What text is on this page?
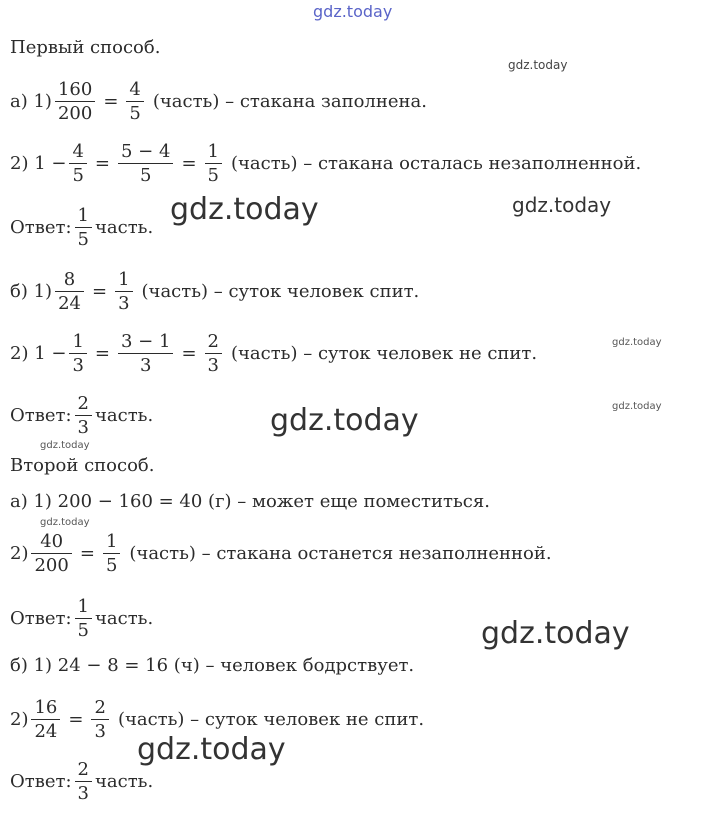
gdz.today
gdz.today
gdz.today	gdz.today
gdz.today
gdz.today
gdz.today
gdz.today
gdz.today
gdz.today
gdz.today
Первый способ.
а) $1) \frac{160}{200} = \frac{4}{5}$ (часть) – стакана заполнена.
2) $1 - \frac{4}{5} = \frac{5 - 4}{5} = \frac{1}{5}$ (часть) – стакана осталась незаполненной.
Ответ: $\frac{1}{5}$ часть.
б) $1) \frac{8}{24} = \frac{1}{3}$ (часть) – суток человек спит.
2) $1 - \frac{1}{3} = \frac{3 - 1}{3} = \frac{2}{3}$ (часть) – суток человек не спит.
Ответ: $\frac{2}{3}$ часть.
Второй способ.
а) 1) 200 − 160 = 40 (г) – может еще поместиться.
$2) \frac{40}{200} = \frac{1}{5}$ (часть) – стакана останется незаполненной.
Ответ: $\frac{1}{5}$ часть.
б) 1) 24 − 8 = 16 (ч) – человек бодрствует.
$2) \frac{16}{24} = \frac{2}{3}$ (часть) – суток человек не спит.
Ответ: $\frac{2}{3}$ часть.
